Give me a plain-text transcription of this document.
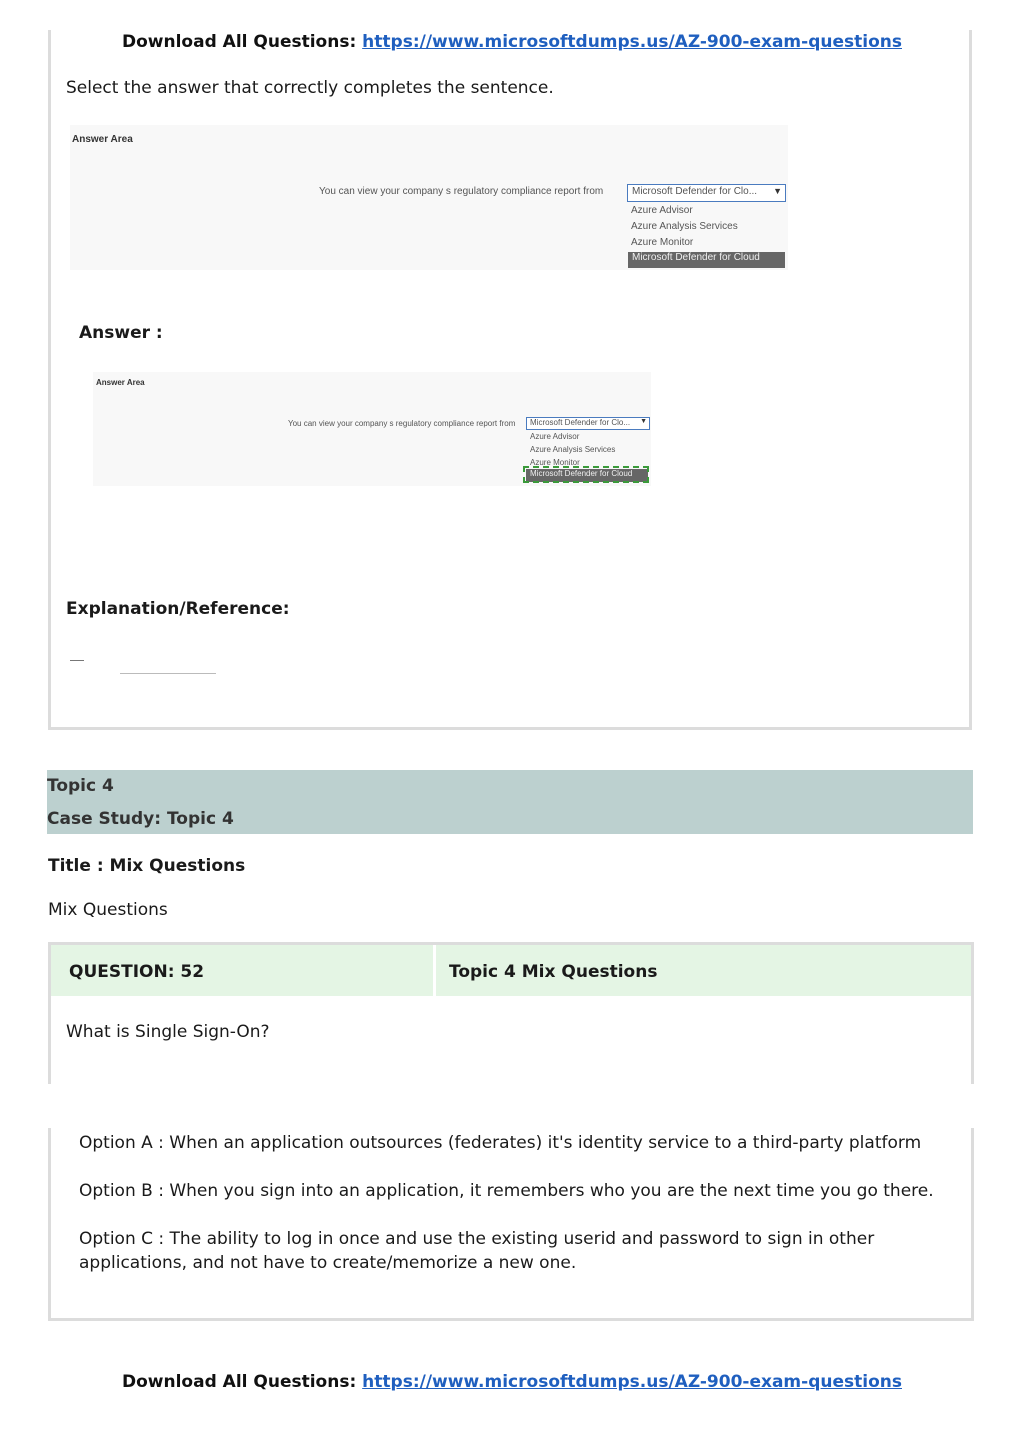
Download All Questions: https://www.microsoftdumps.us/AZ-900-exam-questions
Select the answer that correctly completes the sentence.
Answer Area
You can view your company s regulatory compliance report from	Microsoft Defender for Clo... ▼
Azure Advisor
Azure Analysis Services
Azure Monitor
Microsoft Defender for Cloud
Answer :
Answer Area
You can view your company s regulatory compliance report from	Microsoft Defender for Clo... ▼
Azure Advisor
Azure Analysis Services
Azure Monitor
Microsoft Defender for Cloud
Explanation/Reference:
Topic 4
Case Study: Topic 4
Title : Mix Questions
Mix Questions
QUESTION: 52	Topic 4 Mix Questions
What is Single Sign-On?
Option A : When an application outsources (federates) it's identity service to a third-party platform
Option B : When you sign into an application, it remembers who you are the next time you go there.
Option C : The ability to log in once and use the existing userid and password to sign in other applications, and not have to create/memorize a new one.
Download All Questions: https://www.microsoftdumps.us/AZ-900-exam-questions
